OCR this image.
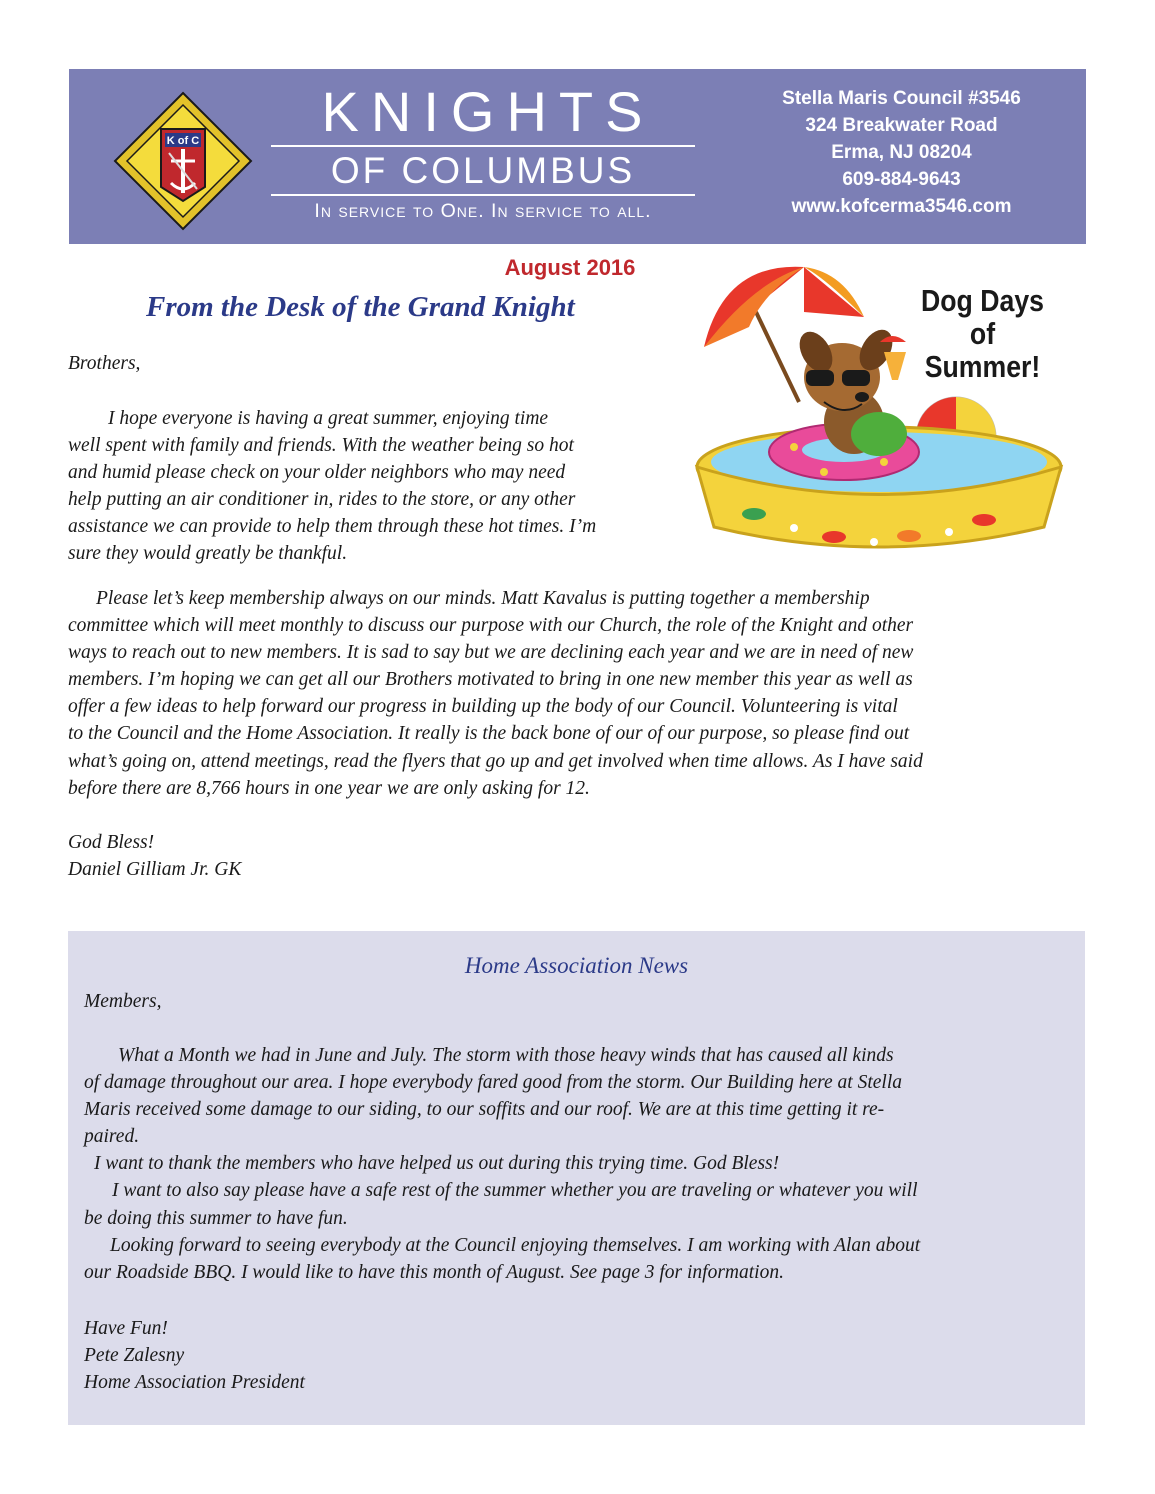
K of C	KNIGHTS
OF COLUMBUS
In service to One. In service to all.
Stella Maris Council #3546
324 Breakwater Road
Erma, NJ 08204
609-884-9643
www.kofcerma3546.com
August 2016
From the Desk of the Grand Knight	Dog Days
of
Summer!
Brothers,
I hope everyone is having a great summer, enjoying time
well spent with family and friends. With the weather being so hot
and humid please check on your older neighbors who may need
help putting an air conditioner in, rides to the store, or any other
assistance we can provide to help them through these hot times. I’m
sure they would greatly be thankful.
Please let’s keep membership always on our minds. Matt Kavalus is putting together a membership
committee which will meet monthly to discuss our purpose with our Church, the role of the Knight and other
ways to reach out to new members. It is sad to say but we are declining each year and we are in need of new
members. I’m hoping we can get all our Brothers motivated to bring in one new member this year as well as
offer a few ideas to help forward our progress in building up the body of our Council. Volunteering is vital
to the Council and the Home Association. It really is the back bone of our of our purpose, so please find out
what’s going on, attend meetings, read the flyers that go up and get involved when time allows. As I have said
before there are 8,766 hours in one year we are only asking for 12.
God Bless!
Daniel Gilliam Jr. GK
Home Association News
Members,
What a Month we had in June and July. The storm with those heavy winds that has caused all kinds
of damage throughout our area. I hope everybody fared good from the storm. Our Building here at Stella
Maris received some damage to our siding, to our soffits and our roof. We are at this time getting it re-
paired.
I want to thank the members who have helped us out during this trying time. God Bless!
I want to also say please have a safe rest of the summer whether you are traveling or whatever you will
be doing this summer to have fun.
Looking forward to seeing everybody at the Council enjoying themselves. I am working with Alan about
our Roadside BBQ. I would like to have this month of August. See page 3 for information.
Have Fun!
Pete Zalesny
Home Association President
